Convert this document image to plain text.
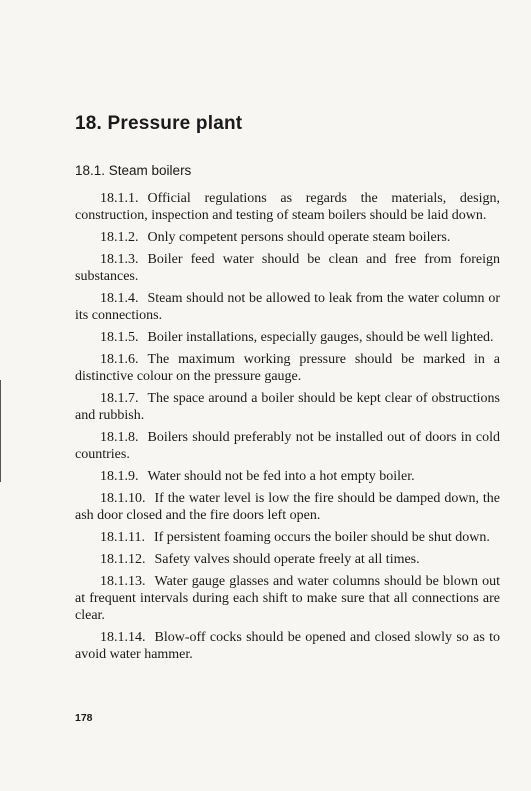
18. Pressure plant
18.1. Steam boilers

18.1.1. Official regulations as regards the materials, design, construction, inspection and testing of steam boilers should be laid down.

18.1.2. Only competent persons should operate steam boilers.

18.1.3. Boiler feed water should be clean and free from foreign substances.

18.1.4. Steam should not be allowed to leak from the water column or its connections.

18.1.5. Boiler installations, especially gauges, should be well lighted.

18.1.6. The maximum working pressure should be marked in a distinctive colour on the pressure gauge.

18.1.7. The space around a boiler should be kept clear of obstructions and rubbish.

18.1.8. Boilers should preferably not be installed out of doors in cold countries.

18.1.9. Water should not be fed into a hot empty boiler.

18.1.10. If the water level is low the fire should be damped down, the ash door closed and the fire doors left open.

18.1.11. If persistent foaming occurs the boiler should be shut down.

18.1.12. Safety valves should operate freely at all times.

18.1.13. Water gauge glasses and water columns should be blown out at frequent intervals during each shift to make sure that all connections are clear.

18.1.14. Blow-off cocks should be opened and closed slowly so as to avoid water hammer.

178
